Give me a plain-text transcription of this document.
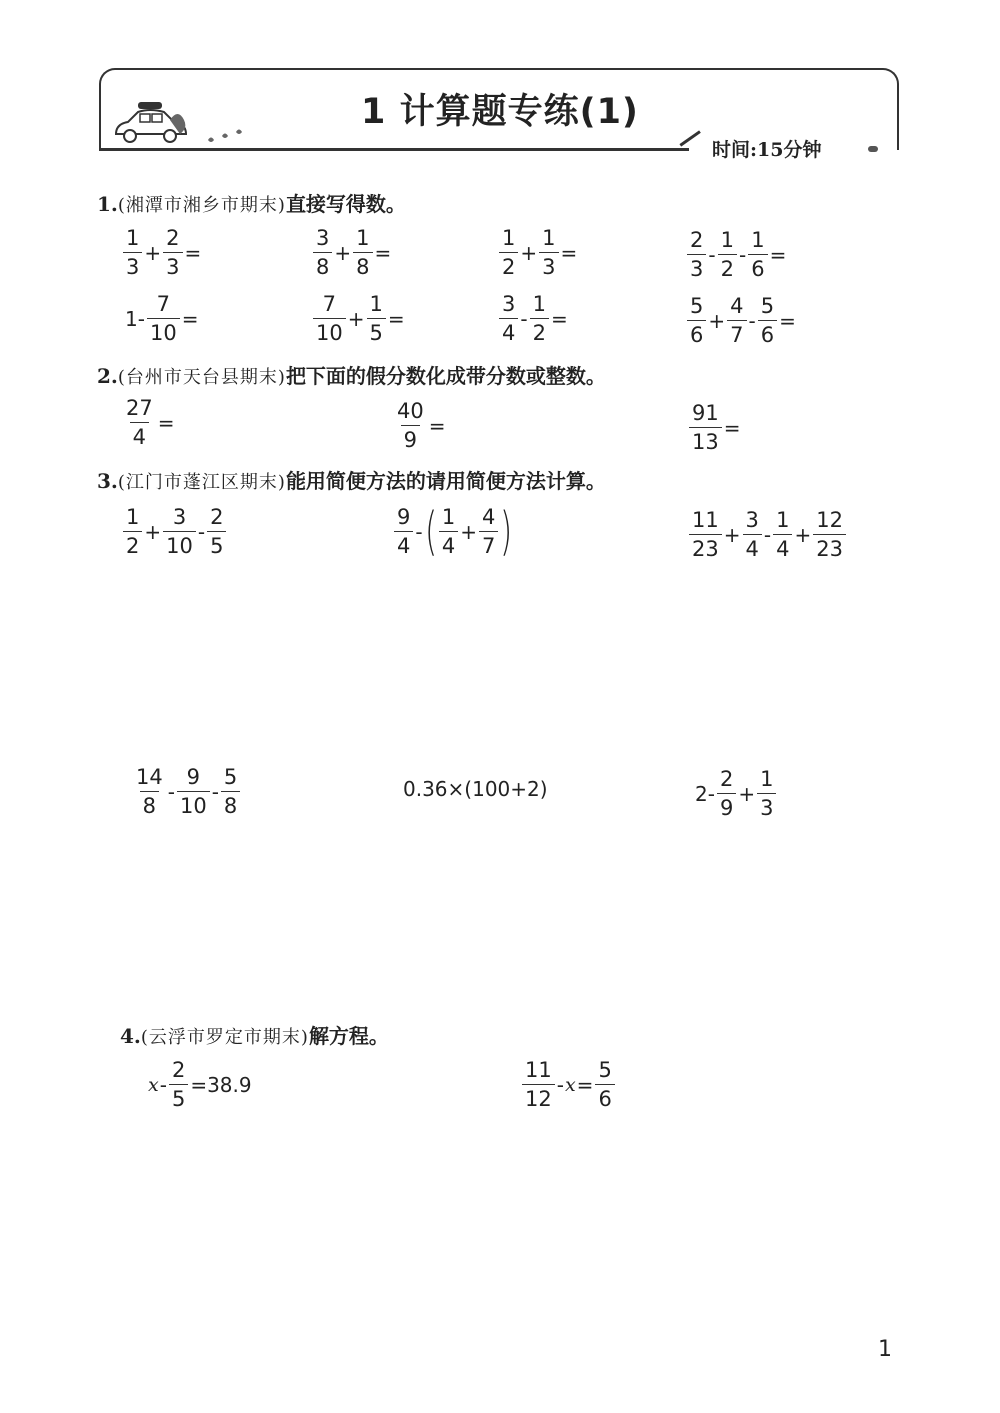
1 计算题专练(1)
时间:15分钟
1.(湘潭市湘乡市期末)直接写得数。
$\frac{1}{3} + \frac{2}{3}$ =	$\frac{3}{8} + \frac{1}{8}$ =	$\frac{1}{2} + \frac{1}{3}$ =	$\frac{2}{3} - \frac{1}{2} - \frac{1}{6}$ =
$1- \frac{7}{10}$ =	$\frac{7}{10} + \frac{1}{5}$ =	$\frac{3}{4} - \frac{1}{2}$ =	$\frac{5}{6} + \frac{4}{7} - \frac{5}{6}$ =
2.(台州市天台县期末)把下面的假分数化成带分数或整数。
$\frac{27}{4}$ =	$\frac{40}{9}$ =	$\frac{91}{13}$ =
3.(江门市蓬江区期末)能用简便方法的请用简便方法计算。
$\frac{1}{2} + \frac{3}{10} - \frac{2}{5}$	$\frac{9}{4}$ - ( $\frac{1}{4} + \frac{4}{7}$ )	$\frac{11}{23} + \frac{3}{4} - \frac{1}{4} + \frac{12}{23}$
$\frac{14}{8} - \frac{9}{10} - \frac{5}{8}$	0.36×(100+2)	$2- \frac{2}{9} + \frac{1}{3}$
4.(云浮市罗定市期末)解方程。
$x - \frac{2}{5} =38.9$	$\frac{11}{12} - x = \frac{5}{6}$
1
